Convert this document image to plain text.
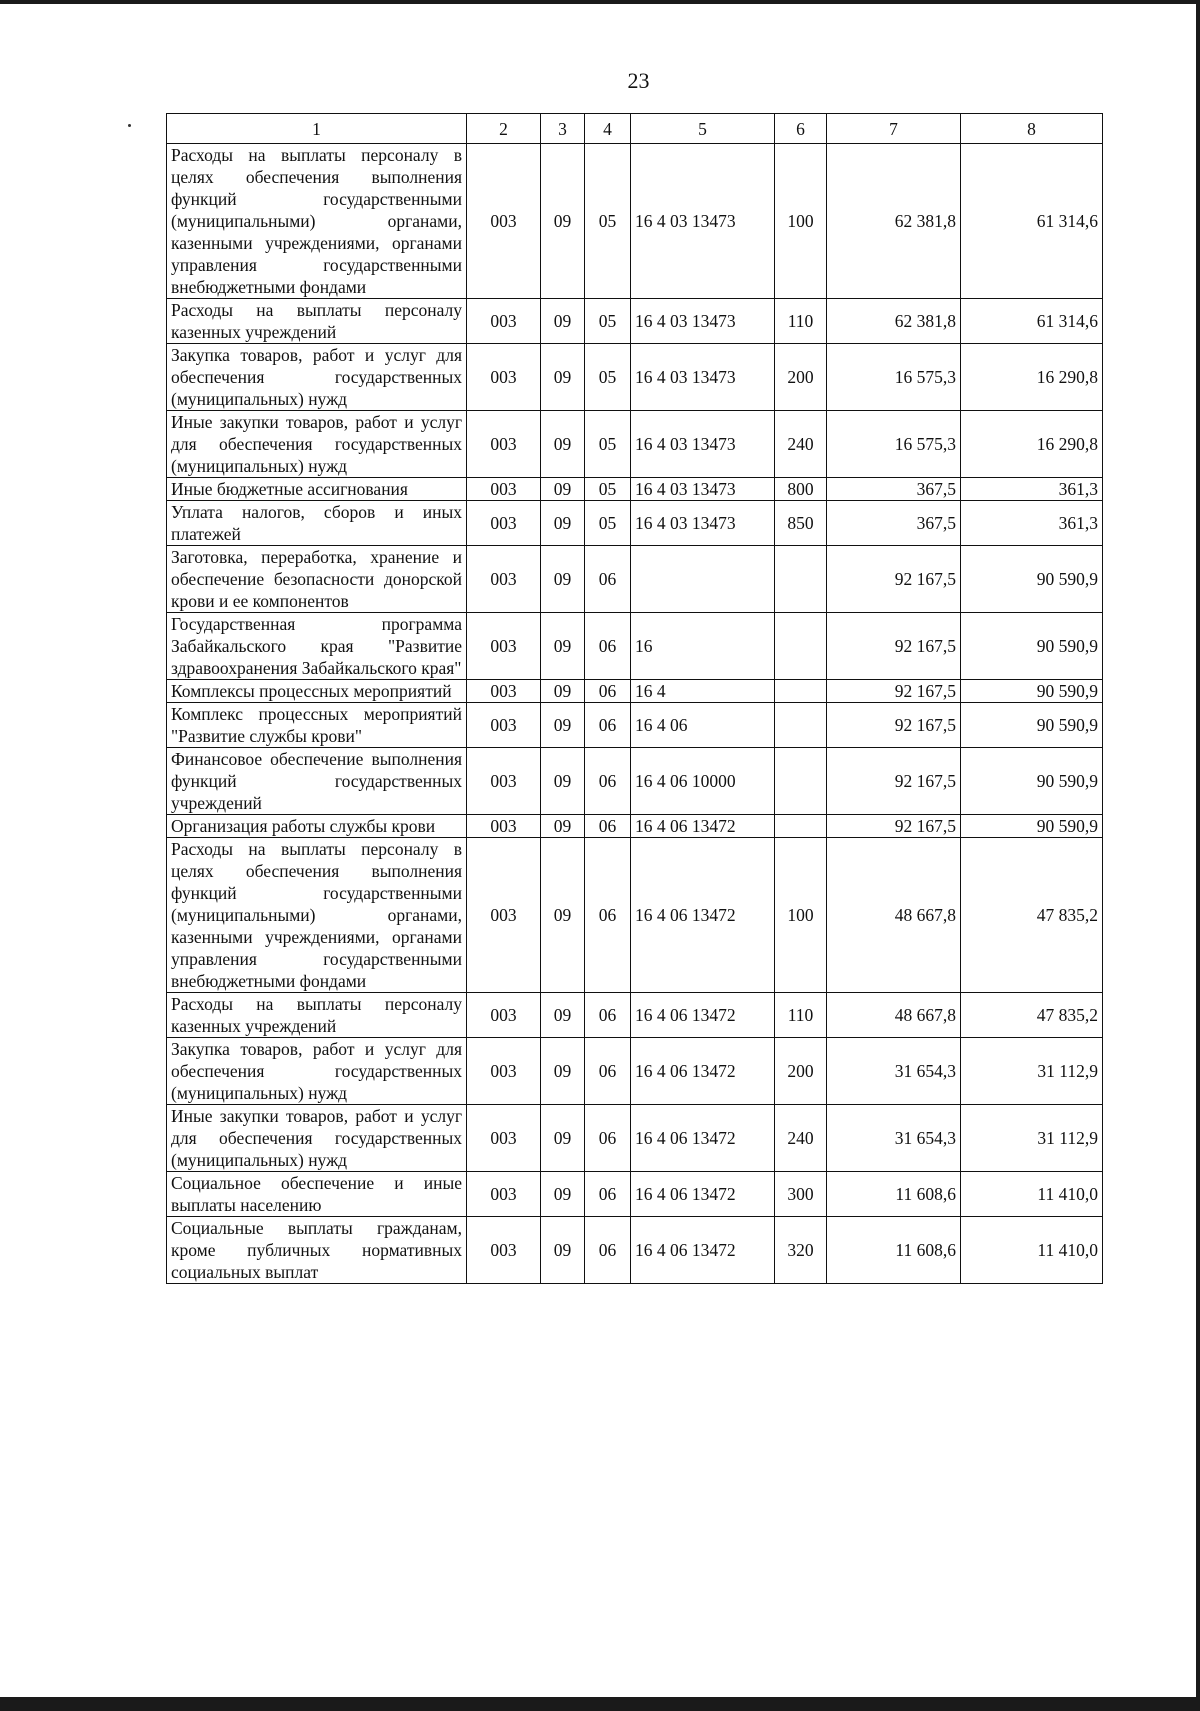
23
1	2	3	4	5	6	7	8
Расходы на выплаты персоналу в целях обеспечения выполнения функций государственными (муниципальными) органами, казенными учреждениями, органами управления государственными внебюджетными фондами	003	09	05	16 4 03 13473	100	62 381,8	61 314,6
Расходы на выплаты персоналу казенных учреждений	003	09	05	16 4 03 13473	110	62 381,8	61 314,6
Закупка товаров, работ и услуг для обеспечения государственных (муниципальных) нужд	003	09	05	16 4 03 13473	200	16 575,3	16 290,8
Иные закупки товаров, работ и услуг для обеспечения государственных (муниципальных) нужд	003	09	05	16 4 03 13473	240	16 575,3	16 290,8
Иные бюджетные ассигнования	003	09	05	16 4 03 13473	800	367,5	361,3
Уплата налогов, сборов и иных платежей	003	09	05	16 4 03 13473	850	367,5	361,3
Заготовка, переработка, хранение и обеспечение безопасности донорской крови и ее компонентов	003	09	06			92 167,5	90 590,9
Государственная программа Забайкальского края "Развитие здравоохранения Забайкальского края"	003	09	06	16		92 167,5	90 590,9
Комплексы процессных мероприятий	003	09	06	16 4		92 167,5	90 590,9
Комплекс процессных мероприятий "Развитие службы крови"	003	09	06	16 4 06		92 167,5	90 590,9
Финансовое обеспечение выполнения функций государственных учреждений	003	09	06	16 4 06 10000		92 167,5	90 590,9
Организация работы службы крови	003	09	06	16 4 06 13472		92 167,5	90 590,9
Расходы на выплаты персоналу в целях обеспечения выполнения функций государственными (муниципальными) органами, казенными учреждениями, органами управления государственными внебюджетными фондами	003	09	06	16 4 06 13472	100	48 667,8	47 835,2
Расходы на выплаты персоналу казенных учреждений	003	09	06	16 4 06 13472	110	48 667,8	47 835,2
Закупка товаров, работ и услуг для обеспечения государственных (муниципальных) нужд	003	09	06	16 4 06 13472	200	31 654,3	31 112,9
Иные закупки товаров, работ и услуг для обеспечения государственных (муниципальных) нужд	003	09	06	16 4 06 13472	240	31 654,3	31 112,9
Социальное обеспечение и иные выплаты населению	003	09	06	16 4 06 13472	300	11 608,6	11 410,0
Социальные выплаты гражданам, кроме публичных нормативных социальных выплат	003	09	06	16 4 06 13472	320	11 608,6	11 410,0
